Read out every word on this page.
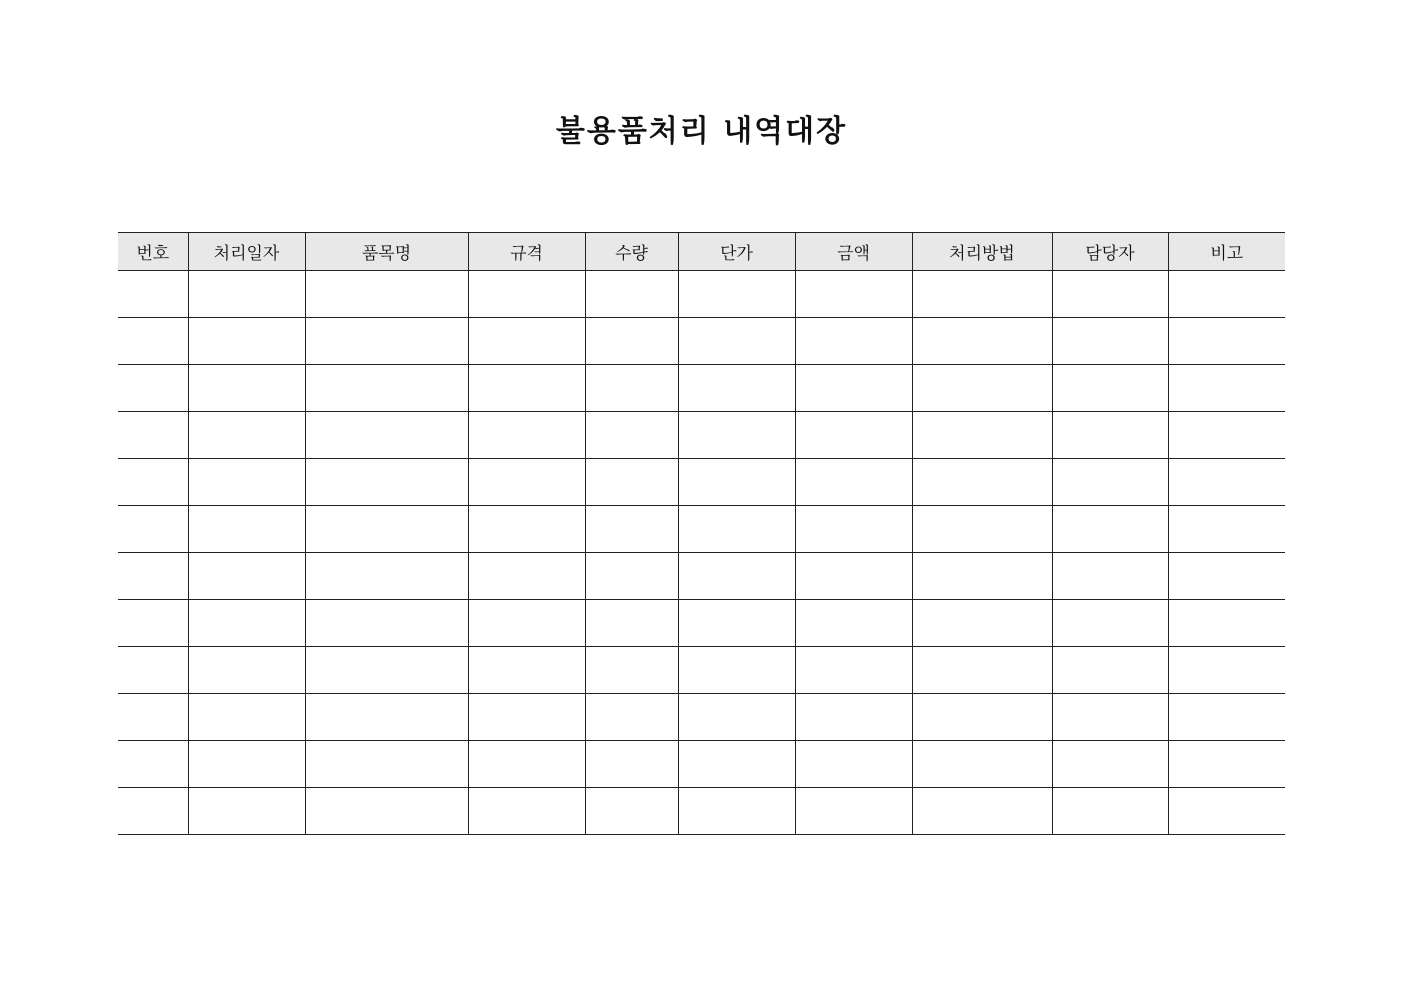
불용품처리 내역대장
번호	처리일자	품목명	규격	수량	단가	금액	처리방법	담당자	비고
